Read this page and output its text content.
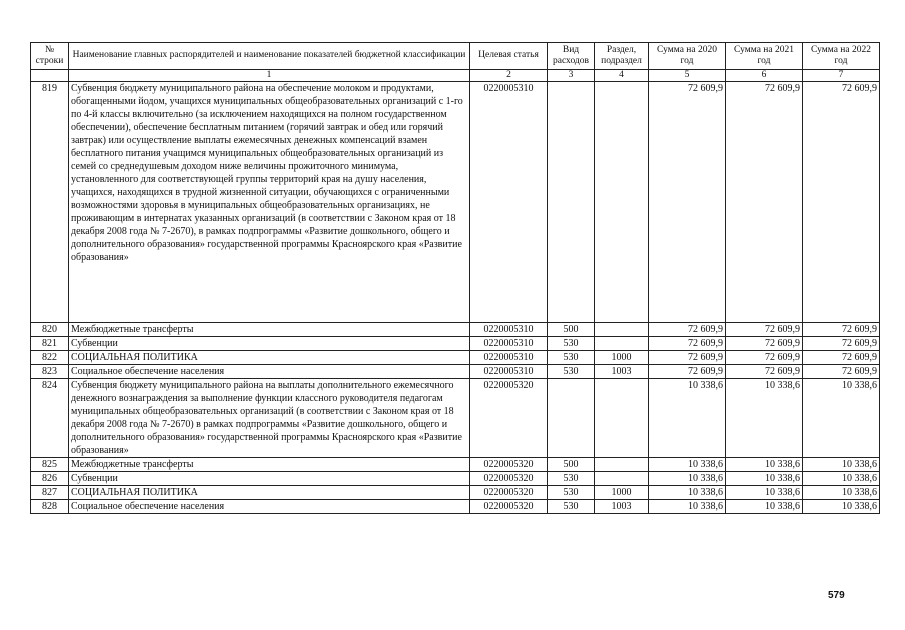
№ строки	Наименование главных распорядителей и наименование показателей бюджетной классификации	Целевая статья	Вид расходов	Раздел, подраздел	Сумма на 2020 год	Сумма на 2021 год	Сумма на 2022 год
	1	2	3	4	5	6	7
819	Субвенция бюджету муниципального района на обеспечение молоком и продуктами, обогащенными йодом, учащихся муниципальных общеобразовательных организаций с 1-го по 4-й классы включительно (за исключением находящихся на полном государственном обеспечении), обеспечение бесплатным питанием (горячий завтрак и обед или горячий завтрак) или осуществление выплаты ежемесячных денежных компенсаций взамен бесплатного питания учащимся муниципальных общеобразовательных организаций из семей со среднедушевым доходом ниже величины прожиточного минимума, установленного для соответствующей группы территорий края на душу населения, учащихся, находящихся в трудной жизненной ситуации, обучающихся с ограниченными возможностями здоровья в муниципальных общеобразовательных организациях, не проживающим в интернатах указанных организаций (в соответствии с Законом края от 18 декабря 2008 года № 7-2670), в рамках подпрограммы «Развитие дошкольного, общего и дополнительного образования» государственной программы Красноярского края «Развитие образования»	0220005310			72 609,9	72 609,9	72 609,9
820	Межбюджетные трансферты	0220005310	500		72 609,9	72 609,9	72 609,9
821	Субвенции	0220005310	530		72 609,9	72 609,9	72 609,9
822	СОЦИАЛЬНАЯ ПОЛИТИКА	0220005310	530	1000	72 609,9	72 609,9	72 609,9
823	Социальное обеспечение населения	0220005310	530	1003	72 609,9	72 609,9	72 609,9
824	Субвенция бюджету муниципального района на выплаты дополнительного ежемесячного денежного вознаграждения за выполнение функции классного руководителя педагогам муниципальных общеобразовательных организаций (в соответствии с Законом края от 18 декабря 2008 года № 7-2670) в рамках подпрограммы «Развитие дошкольного, общего и дополнительного образования» государственной программы Красноярского края «Развитие образования»	0220005320			10 338,6	10 338,6	10 338,6
825	Межбюджетные трансферты	0220005320	500		10 338,6	10 338,6	10 338,6
826	Субвенции	0220005320	530		10 338,6	10 338,6	10 338,6
827	СОЦИАЛЬНАЯ ПОЛИТИКА	0220005320	530	1000	10 338,6	10 338,6	10 338,6
828	Социальное обеспечение населения	0220005320	530	1003	10 338,6	10 338,6	10 338,6
579
